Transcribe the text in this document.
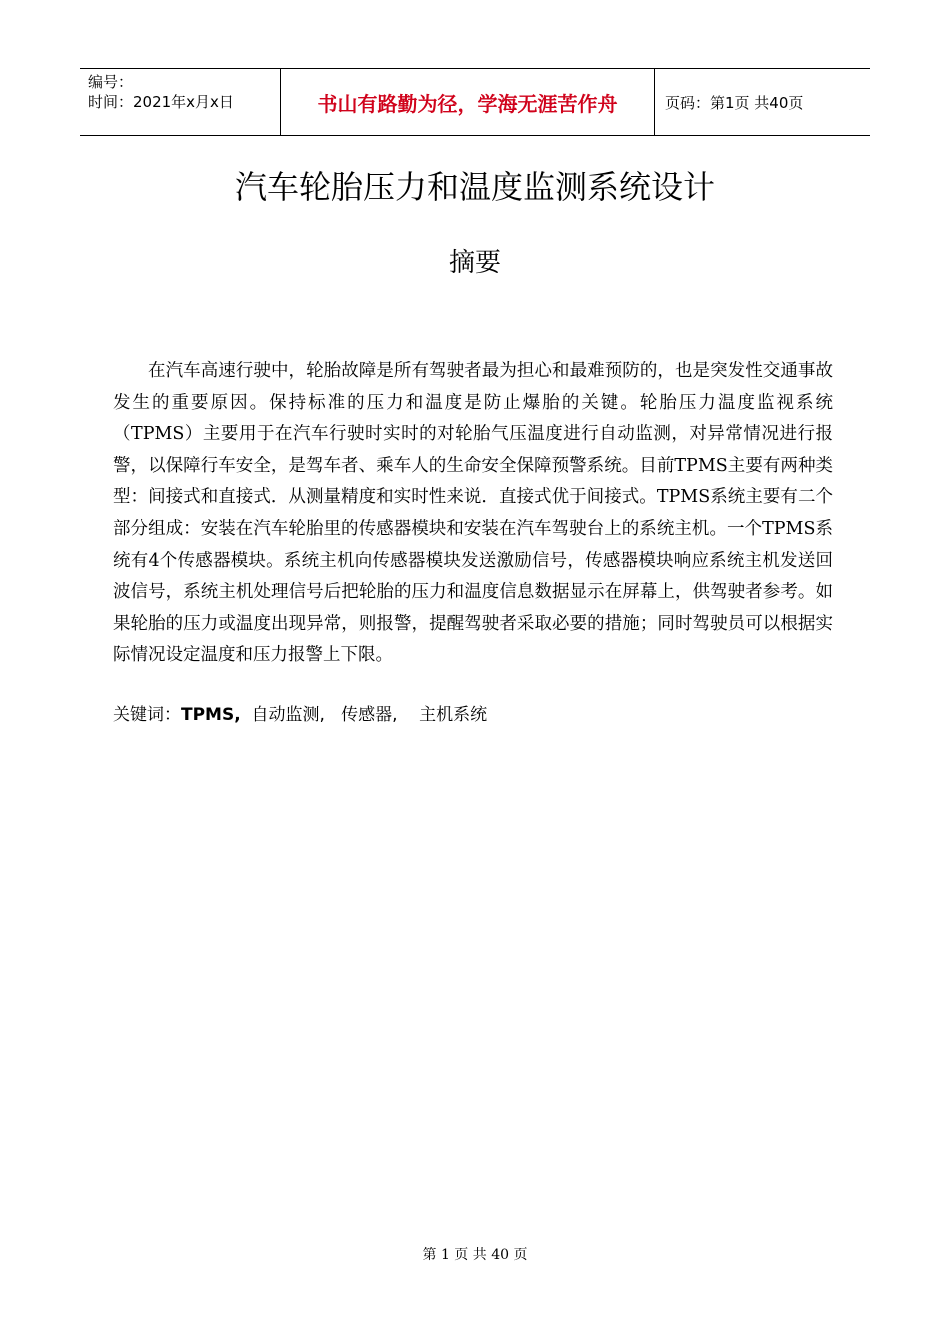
编号：
时间：2021年x月x日	书山有路勤为径，学海无涯苦作舟	页码：第1页 共40页
汽车轮胎压力和温度监测系统设计
摘要

在汽车高速行驶中，轮胎故障是所有驾驶者最为担心和最难预防的，也是突发性交通事故发生的重要原因。保持标准的压力和温度是防止爆胎的关键。轮胎压力温度监视系统（TPMS）主要用于在汽车行驶时实时的对轮胎气压温度进行自动监测，对异常情况进行报警，以保障行车安全，是驾车者、乘车人的生命安全保障预警系统。目前TPMS主要有两种类型：间接式和直接式．从测量精度和实时性来说．直接式优于间接式。TPMS系统主要有二个部分组成：安装在汽车轮胎里的传感器模块和安装在汽车驾驶台上的系统主机。一个TPMS系统有4个传感器模块。系统主机向传感器模块发送激励信号，传感器模块响应系统主机发送回波信号，系统主机处理信号后把轮胎的压力和温度信息数据显示在屏幕上，供驾驶者参考。如果轮胎的压力或温度出现异常，则报警，提醒驾驶者采取必要的措施；同时驾驶员可以根据实际情况设定温度和压力报警上下限。

关键词：TPMS, 自动监测, 传感器, 主机系统
第 1 页 共 40 页
